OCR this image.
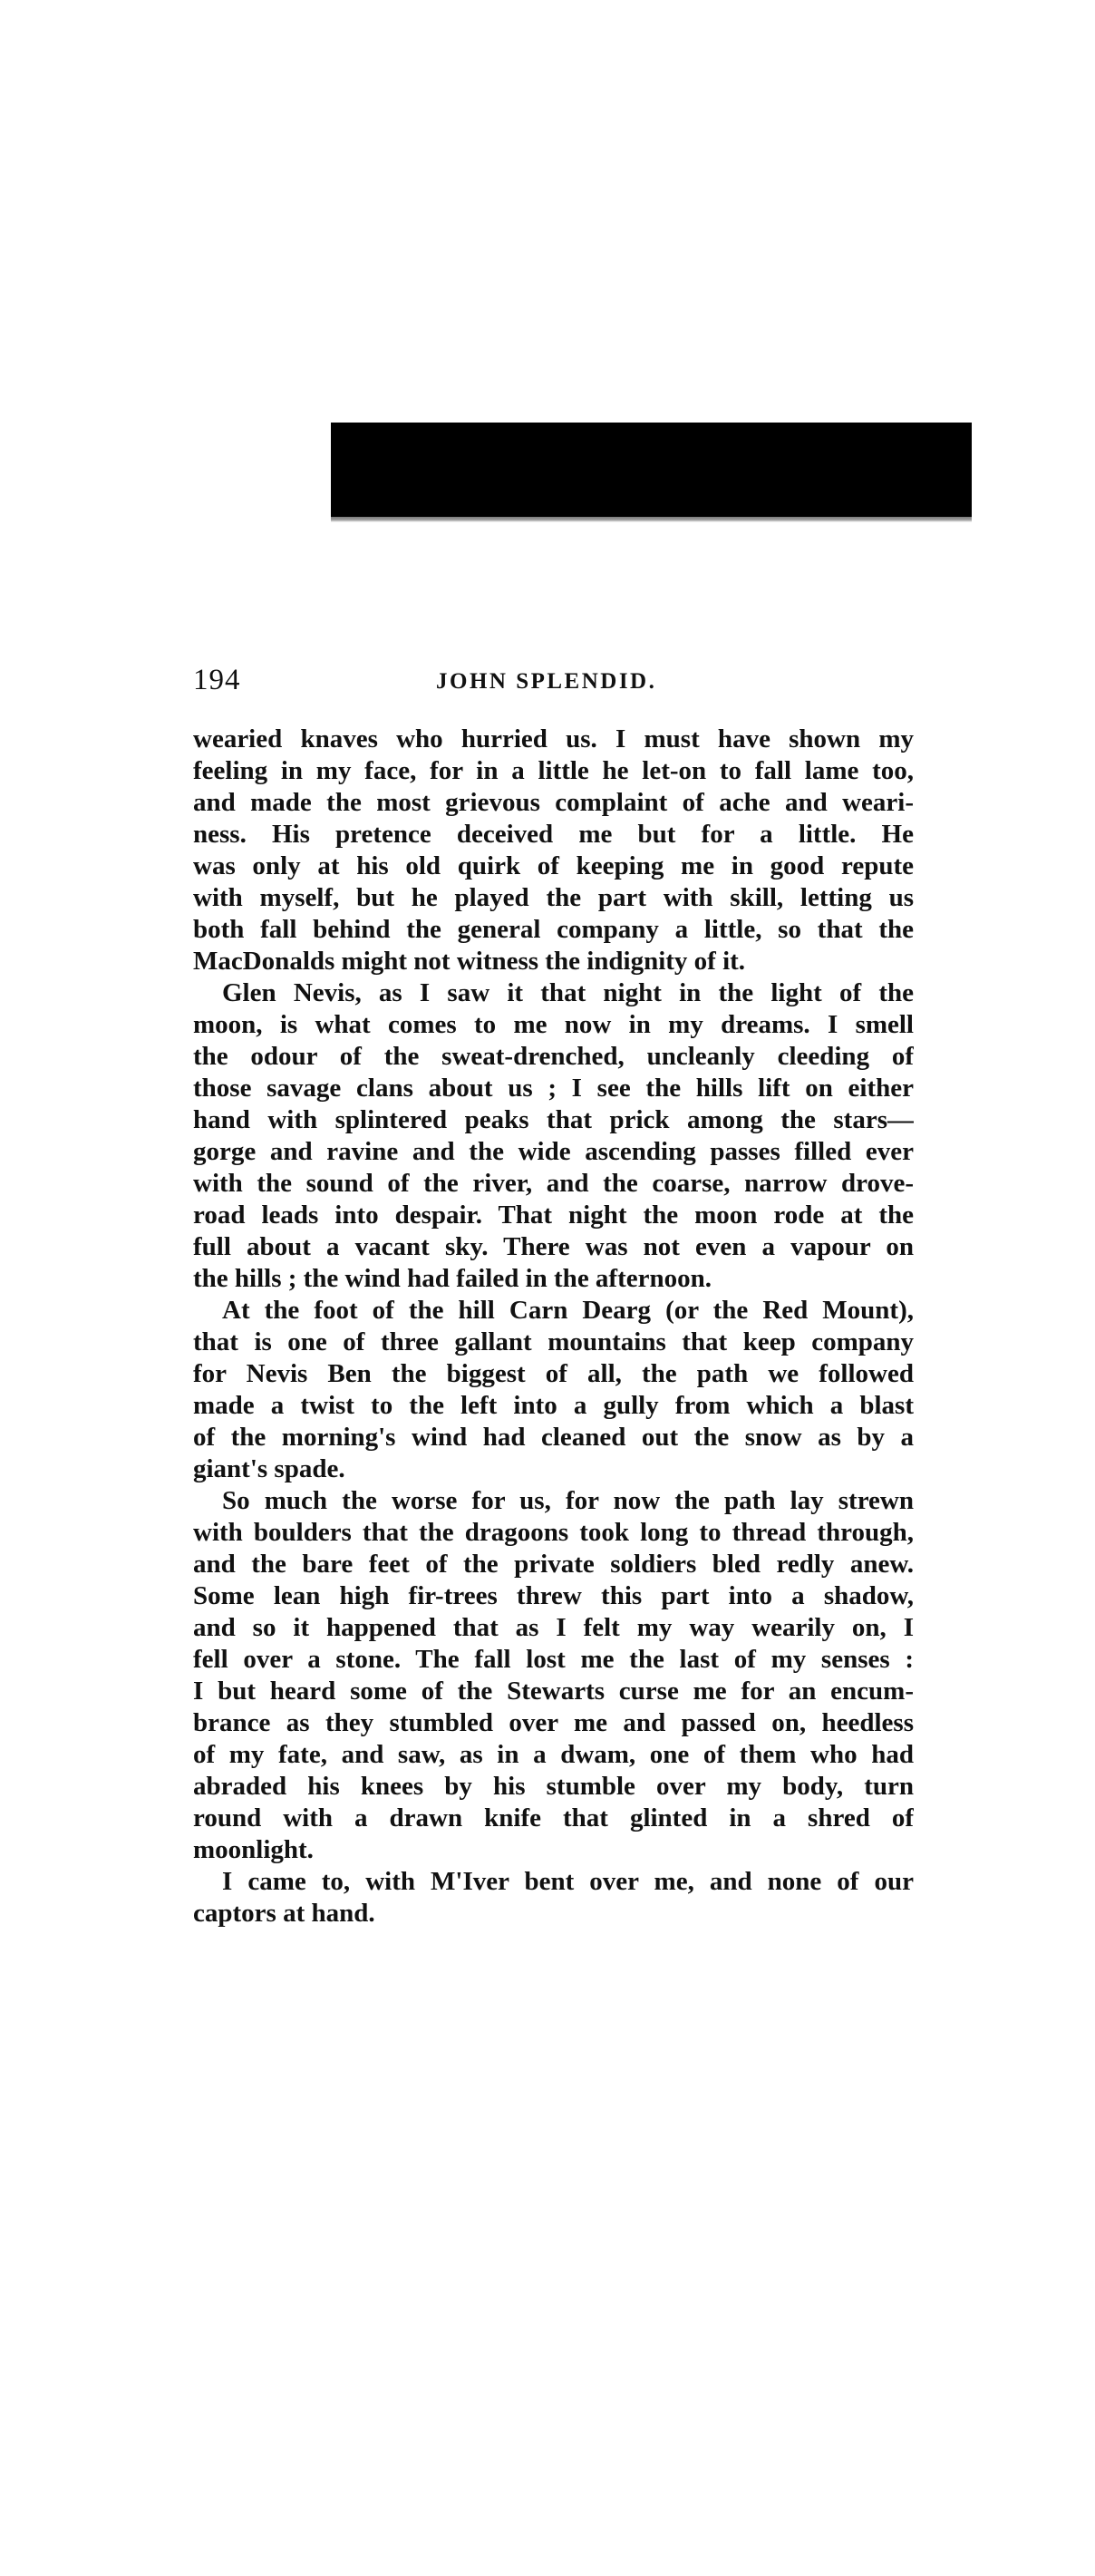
194	JOHN SPLENDID.
wearied knaves who hurried us. I must have shown my
feeling in my face, for in a little he let-on to fall lame too,
and made the most grievous complaint of ache and weari-
ness. His pretence deceived me but for a little. He
was only at his old quirk of keeping me in good repute
with myself, but he played the part with skill, letting us
both fall behind the general company a little, so that the
MacDonalds might not witness the indignity of it.
Glen Nevis, as I saw it that night in the light of the
moon, is what comes to me now in my dreams. I smell
the odour of the sweat-drenched, uncleanly cleeding of
those savage clans about us ; I see the hills lift on either
hand with splintered peaks that prick among the stars—
gorge and ravine and the wide ascending passes filled ever
with the sound of the river, and the coarse, narrow drove-
road leads into despair. That night the moon rode at the
full about a vacant sky. There was not even a vapour on
the hills ; the wind had failed in the afternoon.
At the foot of the hill Carn Dearg (or the Red Mount),
that is one of three gallant mountains that keep company
for Nevis Ben the biggest of all, the path we followed
made a twist to the left into a gully from which a blast
of the morning's wind had cleaned out the snow as by a
giant's spade.
So much the worse for us, for now the path lay strewn
with boulders that the dragoons took long to thread through,
and the bare feet of the private soldiers bled redly anew.
Some lean high fir-trees threw this part into a shadow,
and so it happened that as I felt my way wearily on, I
fell over a stone. The fall lost me the last of my senses :
I but heard some of the Stewarts curse me for an encum-
brance as they stumbled over me and passed on, heedless
of my fate, and saw, as in a dwam, one of them who had
abraded his knees by his stumble over my body, turn
round with a drawn knife that glinted in a shred of
moonlight.
I came to, with M'Iver bent over me, and none of our
captors at hand.
